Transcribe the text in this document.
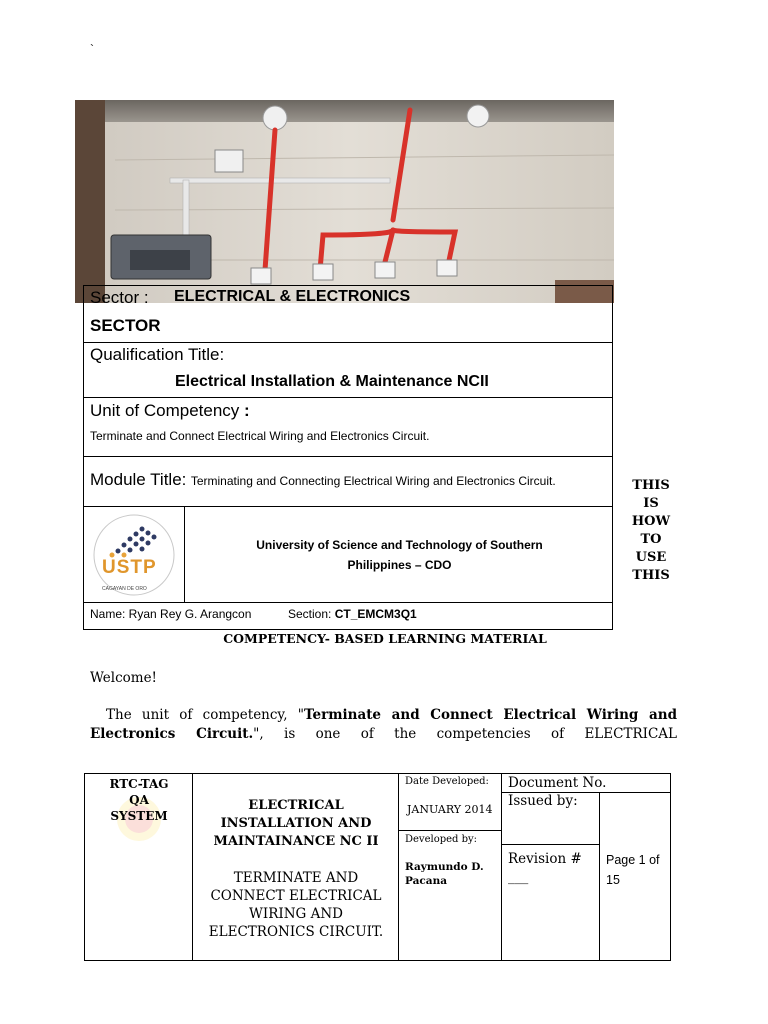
`
Sector : ELECTRICAL & ELECTRONICS
SECTOR
Qualification Title:
Electrical Installation & Maintenance NCII
Unit of Competency :
Terminate and Connect Electrical Wiring and Electronics Circuit.
Module Title: Terminating and Connecting Electrical Wiring and Electronics Circuit.
USTP
CAGAYAN DE ORO
University of Science and Technology of Southern
Philippines – CDO
Name: Ryan Rey G. Arangcon	Section: CT_EMCM3Q1
THIS
IS
HOW
TO
USE
THIS
COMPETENCY- BASED LEARNING MATERIAL
Welcome!
The unit of competency, "Terminate and Connect Electrical Wiring and Electronics Circuit.", is one of the competencies of ELECTRICAL
RTC-TAG
QA
SYSTEM
ELECTRICAL
INSTALLATION AND
MAINTAINANCE NC II
TERMINATE AND
CONNECT ELECTRICAL
WIRING AND
ELECTRONICS CIRCUIT.
Date Developed:
JANUARY 2014
Developed by:
Raymundo D.
Pacana
Document No.
Issued by:
Revision #
___
Page 1 of
15
